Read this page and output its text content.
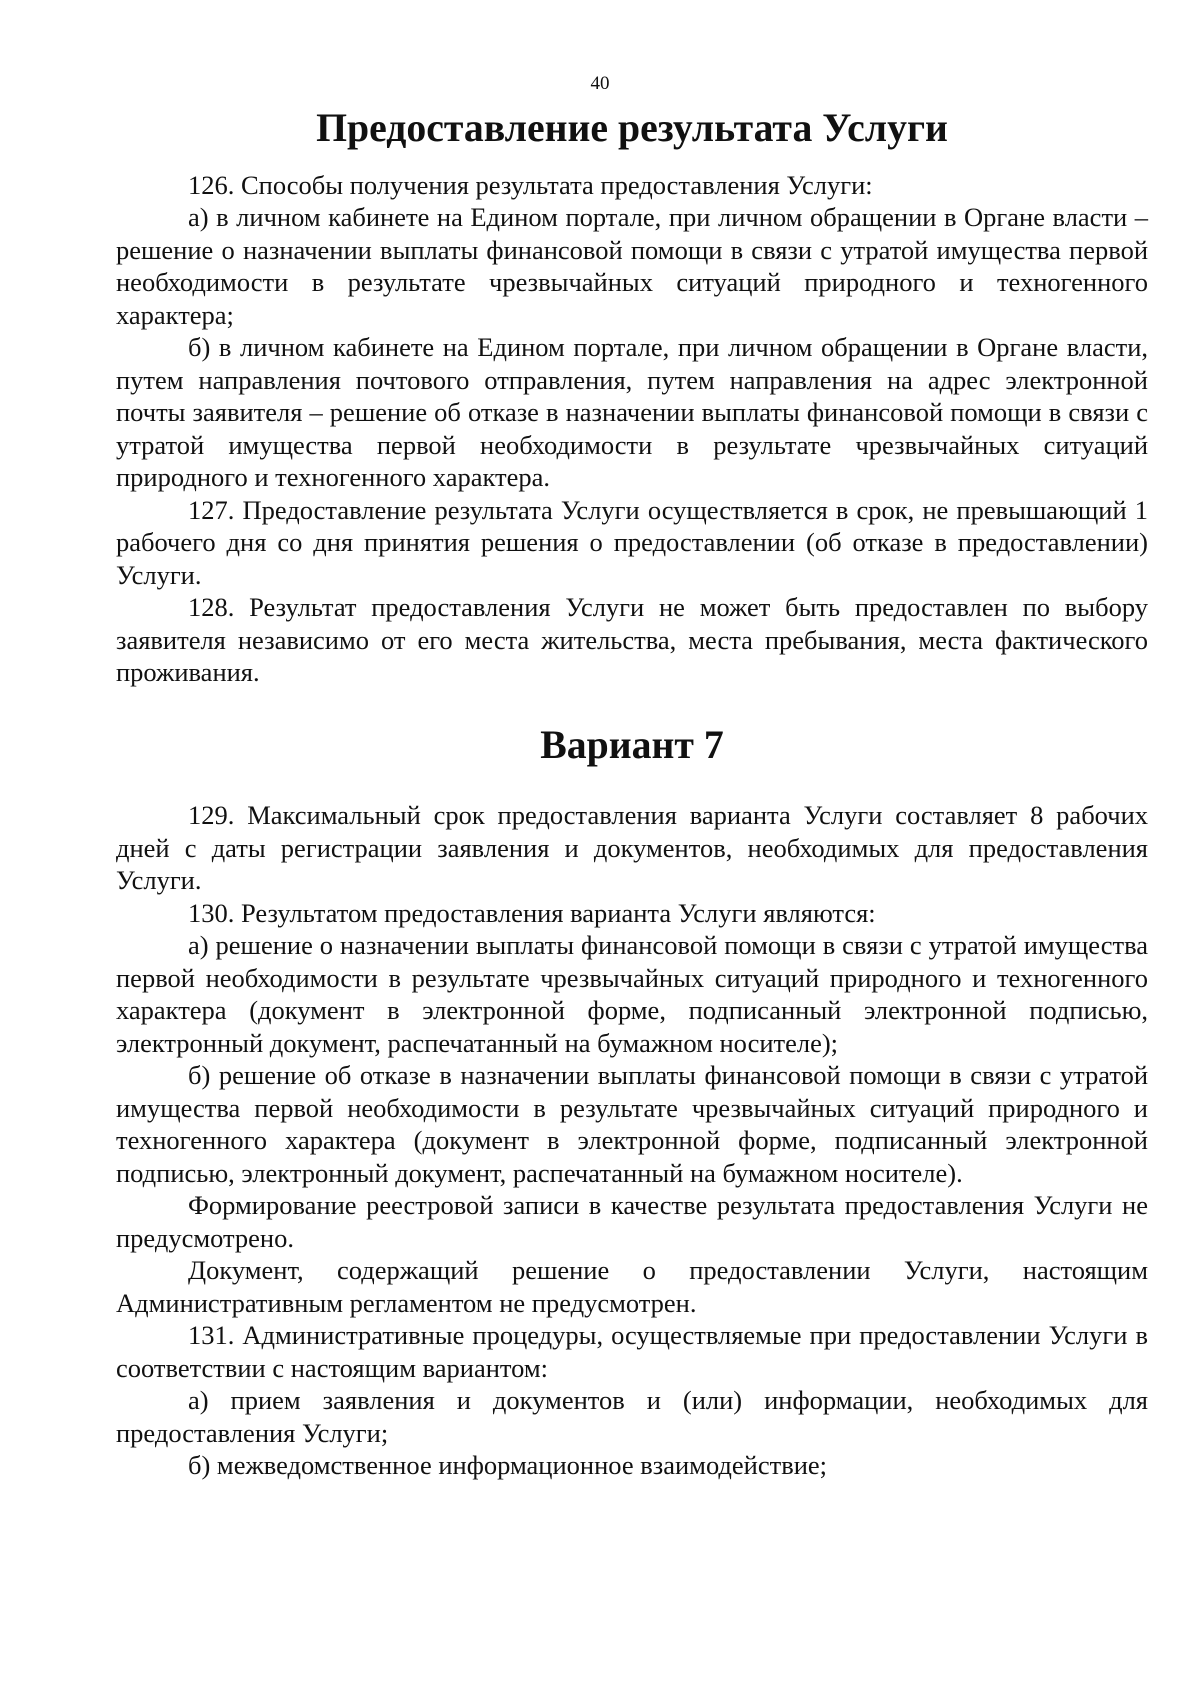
40
Предоставление результата Услуги

126. Способы получения результата предоставления Услуги:

а) в личном кабинете на Едином портале, при личном обращении в Органе власти – решение о назначении выплаты финансовой помощи в связи с утратой имущества первой необходимости в результате чрезвычайных ситуаций природного и техногенного характера;

б) в личном кабинете на Едином портале, при личном обращении в Органе власти, путем направления почтового отправления, путем направления на адрес электронной почты заявителя – решение об отказе в назначении выплаты финансовой помощи в связи с утратой имущества первой необходимости в результате чрезвычайных ситуаций природного и техногенного характера.

127. Предоставление результата Услуги осуществляется в срок, не превышающий 1 рабочего дня со дня принятия решения о предоставлении (об отказе в предоставлении) Услуги.

128. Результат предоставления Услуги не может быть предоставлен по выбору заявителя независимо от его места жительства, места пребывания, места фактического проживания.

Вариант 7

129. Максимальный срок предоставления варианта Услуги составляет 8 рабочих дней с даты регистрации заявления и документов, необходимых для предоставления Услуги.

130. Результатом предоставления варианта Услуги являются:

а) решение о назначении выплаты финансовой помощи в связи с утратой имущества первой необходимости в результате чрезвычайных ситуаций природного и техногенного характера (документ в электронной форме, подписанный электронной подписью, электронный документ, распечатанный на бумажном носителе);

б) решение об отказе в назначении выплаты финансовой помощи в связи с утратой имущества первой необходимости в результате чрезвычайных ситуаций природного и техногенного характера (документ в электронной форме, подписанный электронной подписью, электронный документ, распечатанный на бумажном носителе).

Формирование реестровой записи в качестве результата предоставления Услуги не предусмотрено.

Документ, содержащий решение о предоставлении Услуги, настоящим Административным регламентом не предусмотрен.

131. Административные процедуры, осуществляемые при предоставлении Услуги в соответствии с настоящим вариантом:

а) прием заявления и документов и (или) информации, необходимых для предоставления Услуги;

б) межведомственное информационное взаимодействие;
